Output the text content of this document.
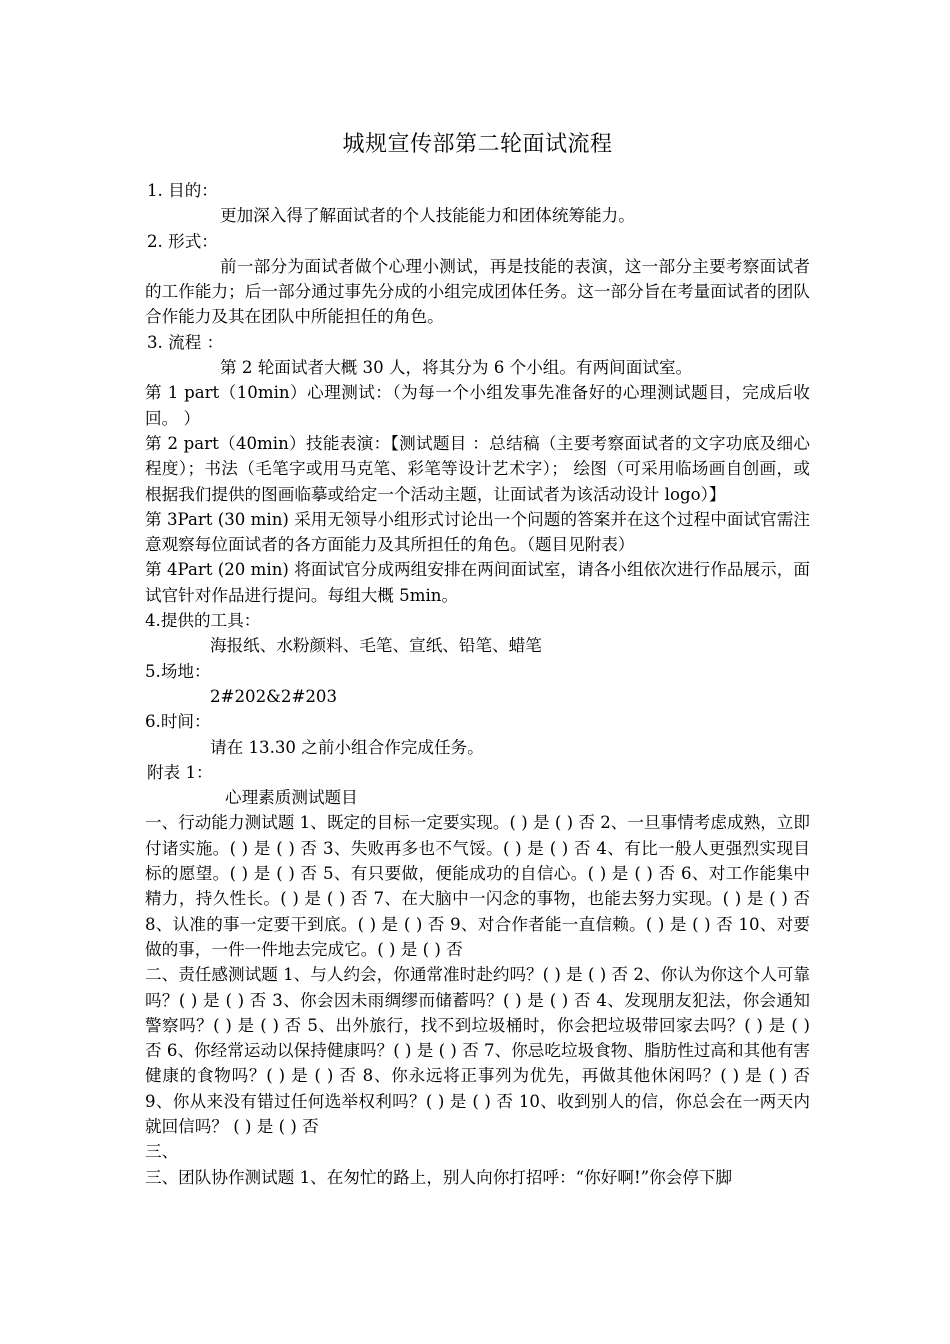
城规宣传部第二轮面试流程

1. 目的：

更加深入得了解面试者的个人技能能力和团体统筹能力。

2. 形式：

前一部分为面试者做个心理小测试，再是技能的表演，这一部分主要考察面试者的工作能力；后一部分通过事先分成的小组完成团体任务。这一部分旨在考量面试者的团队合作能力及其在团队中所能担任的角色。

3. 流程 ：

第 2 轮面试者大概 30 人，将其分为 6 个小组。有两间面试室。

第 1 part（10min）心理测试：（为每一个小组发事先准备好的心理测试题目，完成后收回。 ）

第 2 part（40min）技能表演：【测试题目 ：总结稿（主要考察面试者的文字功底及细心程度）；书法（毛笔字或用马克笔、彩笔等设计艺术字）； 绘图（可采用临场画自创画，或根据我们提供的图画临摹或给定一个活动主题，让面试者为该活动设计 logo）】

第 3Part (30 min) 采用无领导小组形式讨论出一个问题的答案并在这个过程中面试官需注意观察每位面试者的各方面能力及其所担任的角色。（题目见附表）

第 4Part (20 min) 将面试官分成两组安排在两间面试室，请各小组依次进行作品展示，面试官针对作品进行提问。每组大概 5min。

4.提供的工具：

海报纸、水粉颜料、毛笔、宣纸、铅笔、蜡笔

5.场地：

2#202&2#203

6.时间：

请在 13.30 之前小组合作完成任务。

附表 1：

心理素质测试题目

一、行动能力测试题 1、既定的目标一定要实现。( ) 是 ( ) 否 2、一旦事情考虑成熟，立即付诸实施。( ) 是 ( ) 否 3、失败再多也不气馁。( ) 是 ( ) 否 4、有比一般人更强烈实现目标的愿望。( ) 是 ( ) 否 5、有只要做，便能成功的自信心。( ) 是 ( ) 否 6、对工作能集中精力，持久性长。( ) 是 ( ) 否 7、在大脑中一闪念的事物，也能去努力实现。( ) 是 ( ) 否 8、认准的事一定要干到底。( ) 是 ( ) 否 9、对合作者能一直信赖。( ) 是 ( ) 否 10、对要做的事，一件一件地去完成它。( ) 是 ( ) 否

二、责任感测试题 1、与人约会，你通常准时赴约吗？( ) 是 ( ) 否 2、你认为你这个人可靠吗？( ) 是 ( ) 否 3、你会因未雨绸缪而储蓄吗？( ) 是 ( ) 否 4、发现朋友犯法，你会通知警察吗？( ) 是 ( ) 否 5、出外旅行，找不到垃圾桶时，你会把垃圾带回家去吗？( ) 是 ( ) 否 6、你经常运动以保持健康吗？( ) 是 ( ) 否 7、你忌吃垃圾食物、脂肪性过高和其他有害健康的食物吗？( ) 是 ( ) 否 8、你永远将正事列为优先，再做其他休闲吗？( ) 是 ( ) 否 9、你从来没有错过任何选举权利吗？( ) 是 ( ) 否 10、收到别人的信，你总会在一两天内就回信吗？ ( ) 是 ( ) 否

三、

三、团队协作测试题 1、在匆忙的路上，别人向你打招呼：“你好啊!”你会停下脚
